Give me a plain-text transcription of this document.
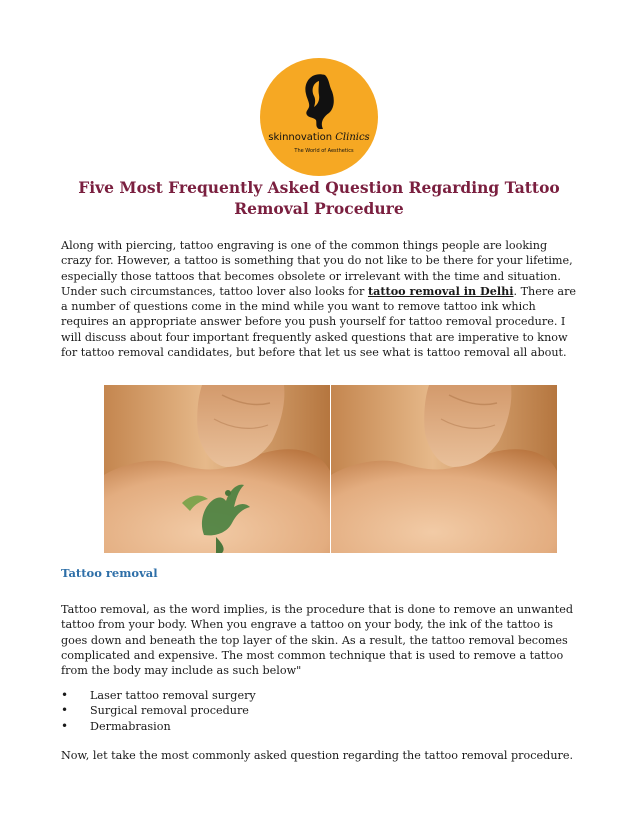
skinnovation Clinics
The World of Aesthetics
Five Most Frequently Asked Question Regarding Tattoo Removal Procedure

Along with piercing, tattoo engraving is one of the common things people are looking crazy for. However, a tattoo is something that you do not like to be there for your lifetime, especially those tattoos that becomes obsolete or irrelevant with the time and situation. Under such circumstances, tattoo lover also looks for tattoo removal in Delhi. There are a number of questions come in the mind while you want to remove tattoo ink which requires an appropriate answer before you push yourself for tattoo removal procedure. I will discuss about four important frequently asked questions that are imperative to know for tattoo removal candidates, but before that let us see what is tattoo removal all about.

Tattoo removal

Tattoo removal, as the word implies, is the procedure that is done to remove an unwanted tattoo from your body. When you engrave a tattoo on your body, the ink of the tattoo is goes down and beneath the top layer of the skin. As a result, the tattoo removal becomes complicated and expensive. The most common technique that is used to remove a tattoo from the body may include as such below"

• Laser tattoo removal surgery
• Surgical removal procedure
• Dermabrasion

Now, let take the most commonly asked question regarding the tattoo removal procedure.
